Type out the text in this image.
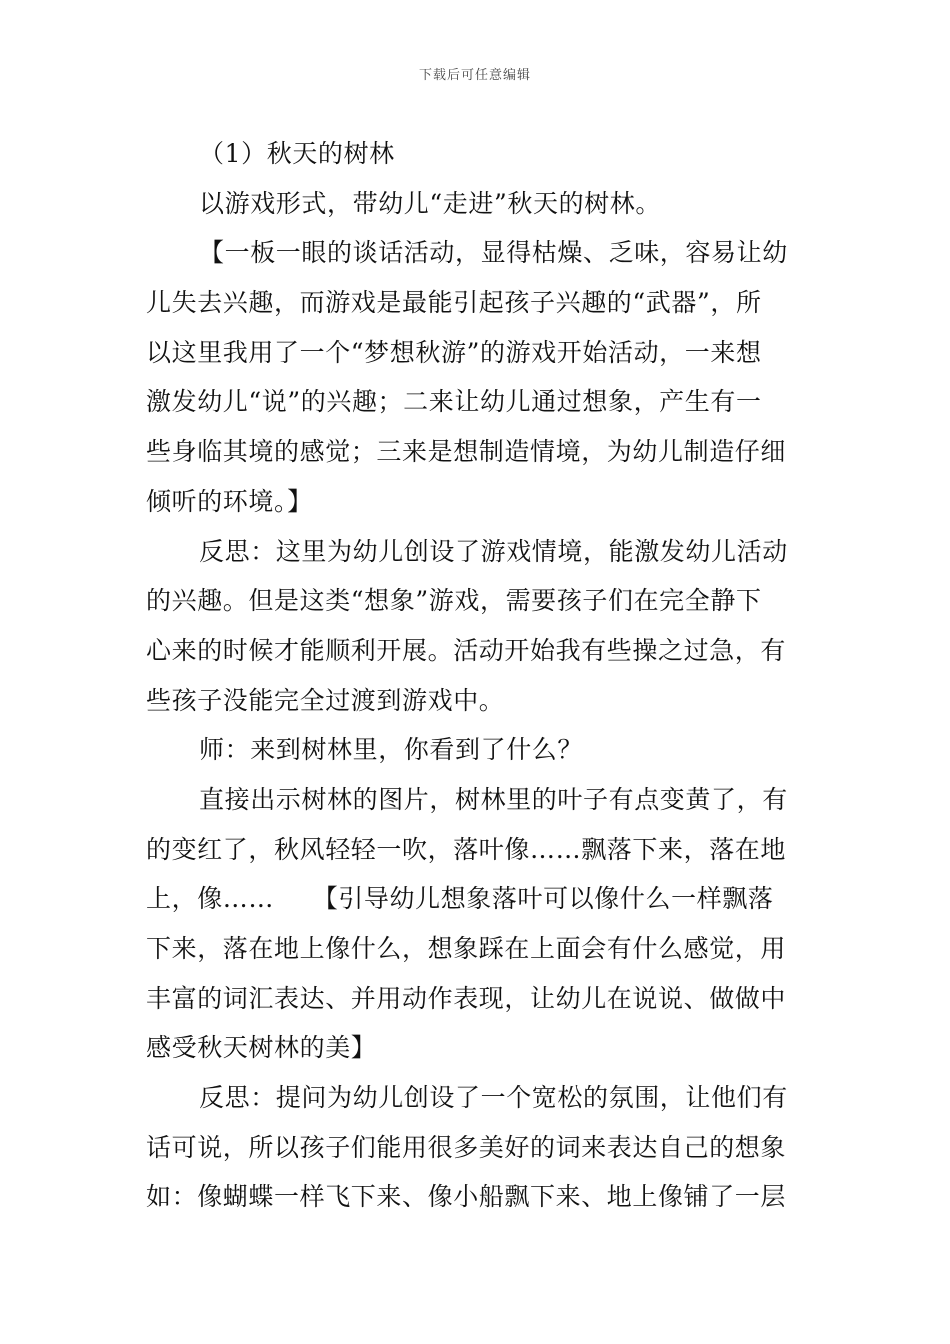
下载后可任意编辑
（1）秋天的树林
以游戏形式，带幼儿“走进”秋天的树林。
【一板一眼的谈话活动，显得枯燥、乏味，容易让幼
儿失去兴趣，而游戏是最能引起孩子兴趣的“武器”，所
以这里我用了一个“梦想秋游”的游戏开始活动，一来想
激发幼儿“说”的兴趣；二来让幼儿通过想象，产生有一
些身临其境的感觉；三来是想制造情境，为幼儿制造仔细
倾听的环境。】
反思：这里为幼儿创设了游戏情境，能激发幼儿活动
的兴趣。但是这类“想象”游戏，需要孩子们在完全静下
心来的时候才能顺利开展。活动开始我有些操之过急，有
些孩子没能完全过渡到游戏中。
师：来到树林里，你看到了什么？
直接出示树林的图片，树林里的叶子有点变黄了，有
的变红了，秋风轻轻一吹，落叶像……飘落下来，落在地
上，像……　　【引导幼儿想象落叶可以像什么一样飘落
下来，落在地上像什么，想象踩在上面会有什么感觉，用
丰富的词汇表达、并用动作表现，让幼儿在说说、做做中
感受秋天树林的美】
反思：提问为幼儿创设了一个宽松的氛围，让他们有
话可说，所以孩子们能用很多美好的词来表达自己的想象
如：像蝴蝶一样飞下来、像小船飘下来、地上像铺了一层
